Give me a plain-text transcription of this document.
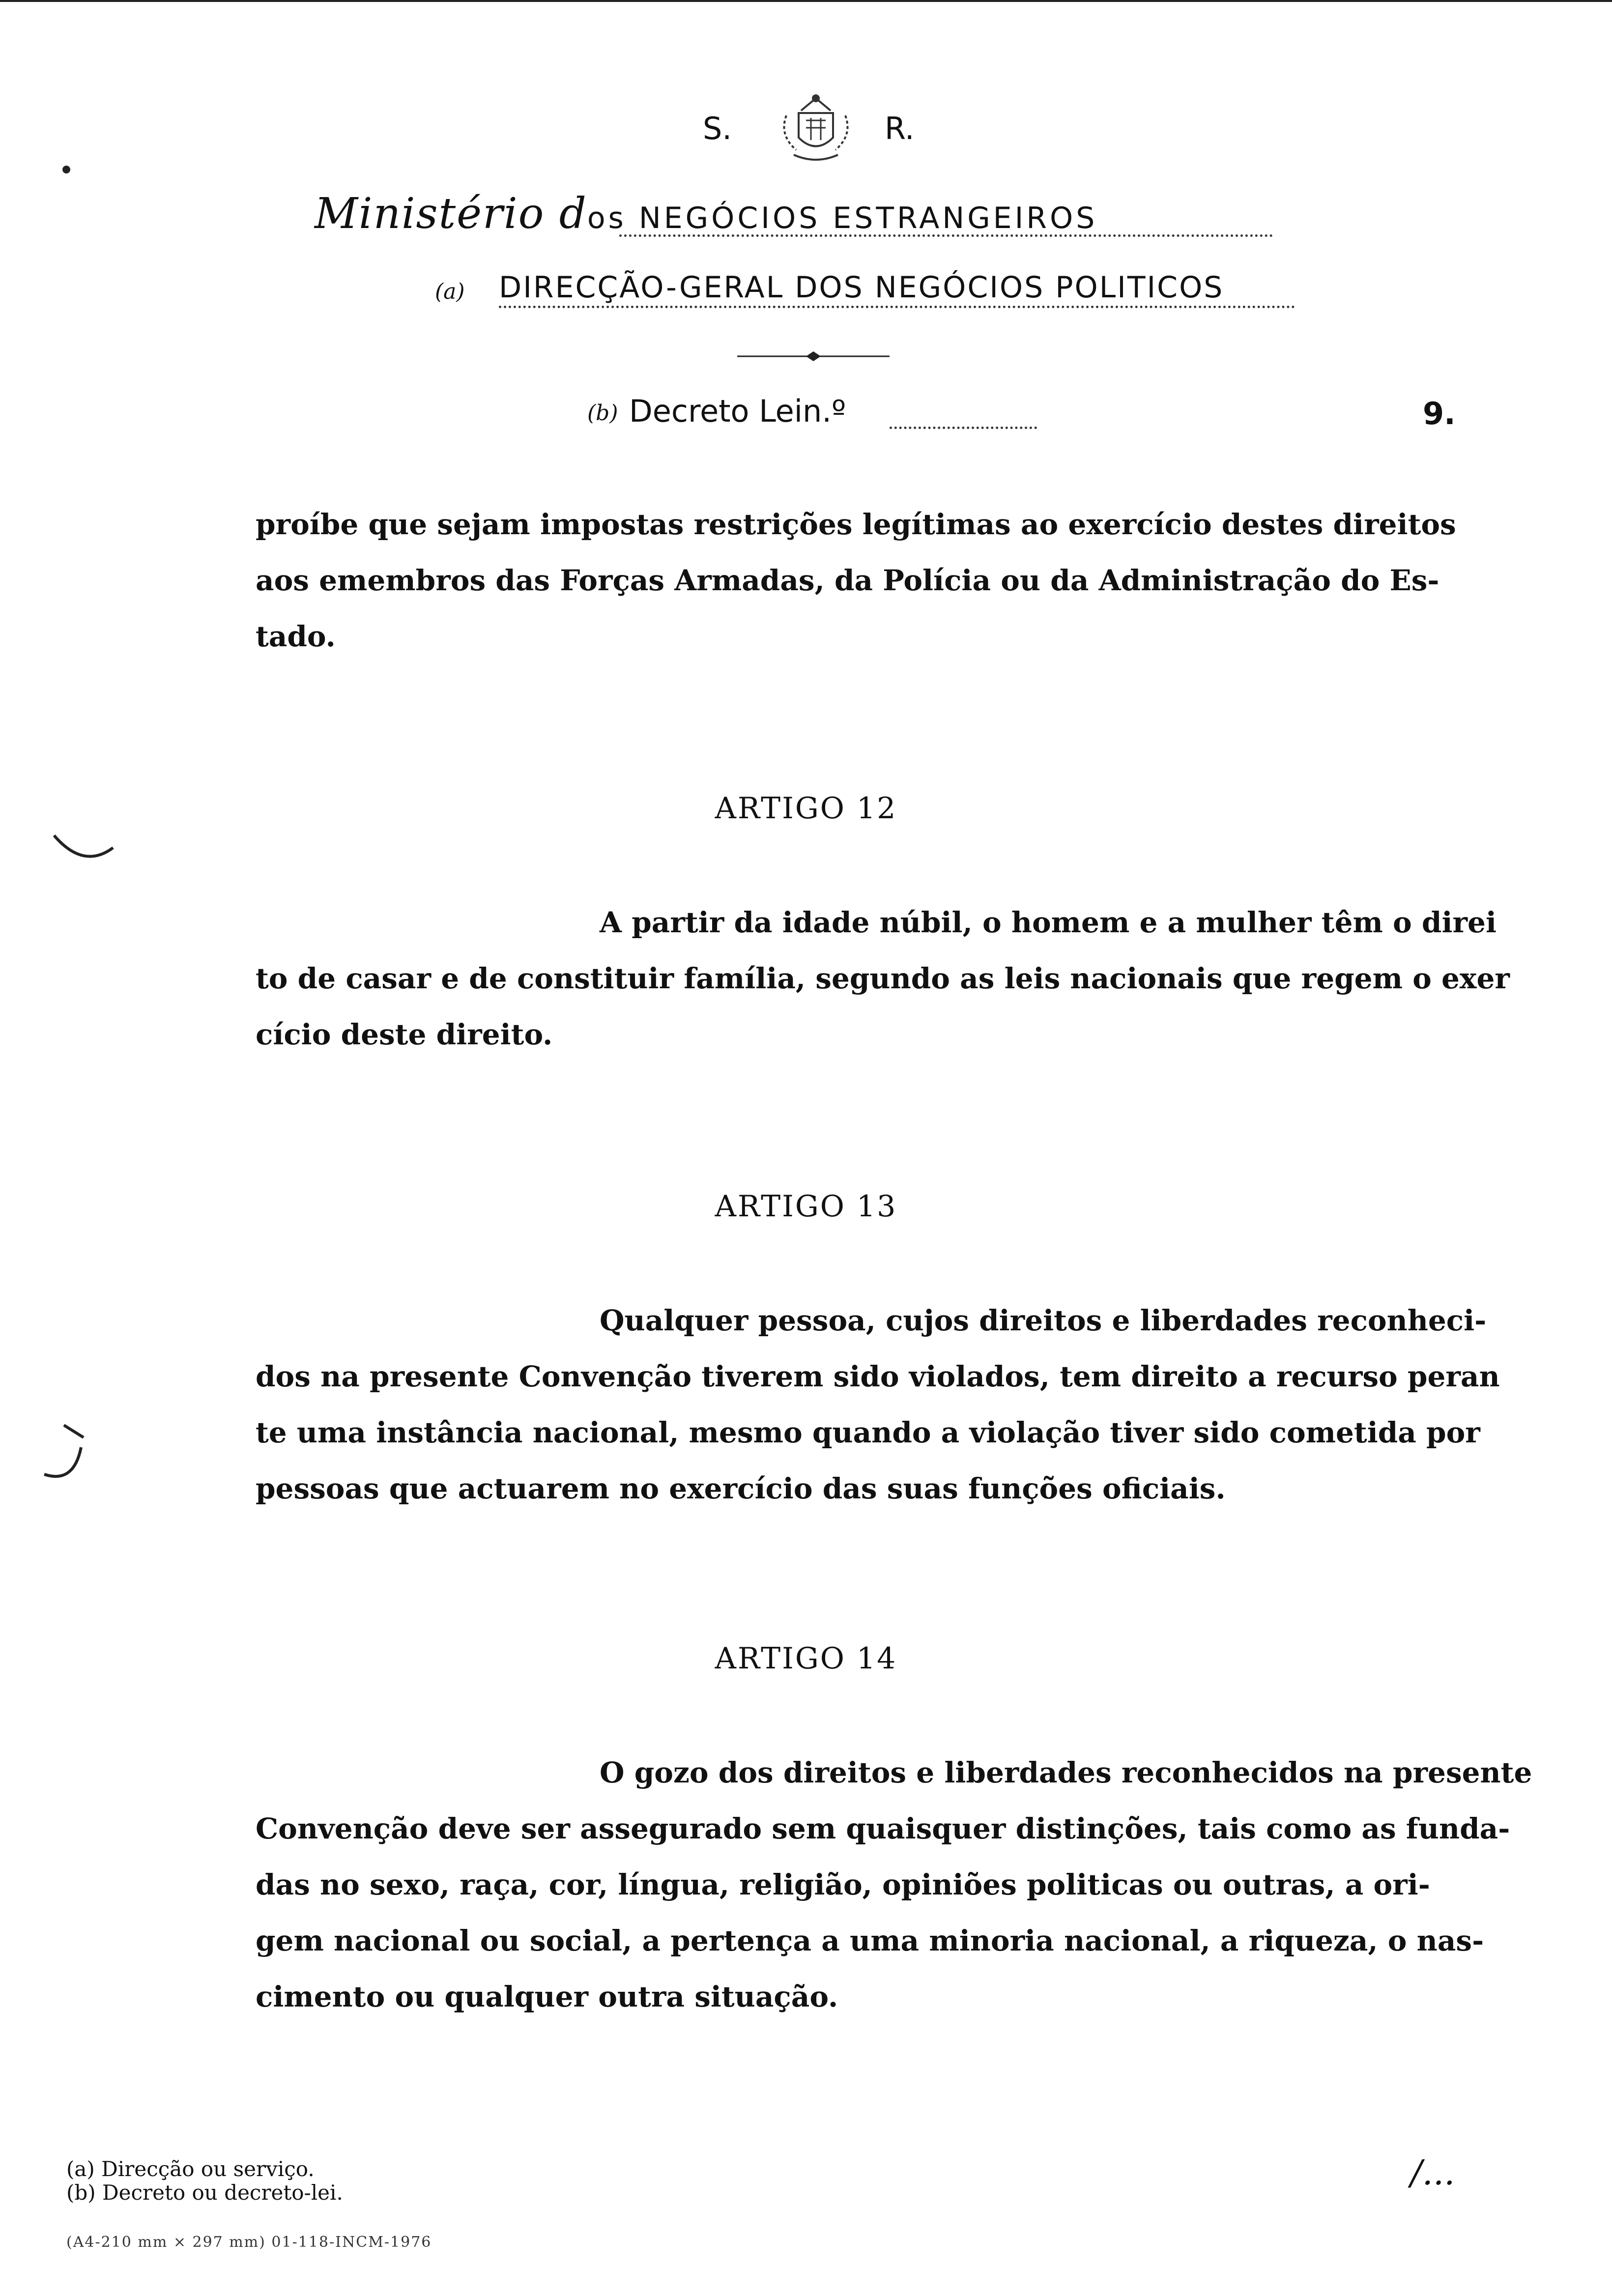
S.	R.
Ministério dos NEGÓCIOS ESTRANGEIROS
(a) DIRECÇÃO-GERAL DOS NEGÓCIOS POLITICOS
(b) Decreto Lein.º	9.
proíbe que sejam impostas restrições legítimas ao exercício destes direitos
aos emembros das Forças Armadas, da Polícia ou da Administração do Es-
tado.
ARTIGO 12
A partir da idade núbil, o homem e a mulher têm o direi
to de casar e de constituir família, segundo as leis nacionais que regem o exer
cício deste direito.
ARTIGO 13
Qualquer pessoa, cujos direitos e liberdades reconheci-
dos na presente Convenção tiverem sido violados, tem direito a recurso peran
te uma instância nacional, mesmo quando a violação tiver sido cometida por
pessoas que actuarem no exercício das suas funções oficiais.
ARTIGO 14
O gozo dos direitos e liberdades reconhecidos na presente
Convenção deve ser assegurado sem quaisquer distinções, tais como as funda-
das no sexo, raça, cor, língua, religião, opiniões politicas ou outras, a ori-
gem nacional ou social, a pertença a uma minoria nacional, a riqueza, o nas-
cimento ou qualquer outra situação.
(a) Direcção ou serviço.
(b) Decreto ou decreto-lei.
(A4-210 mm × 297 mm) 01-118-INCM-1976
/...
